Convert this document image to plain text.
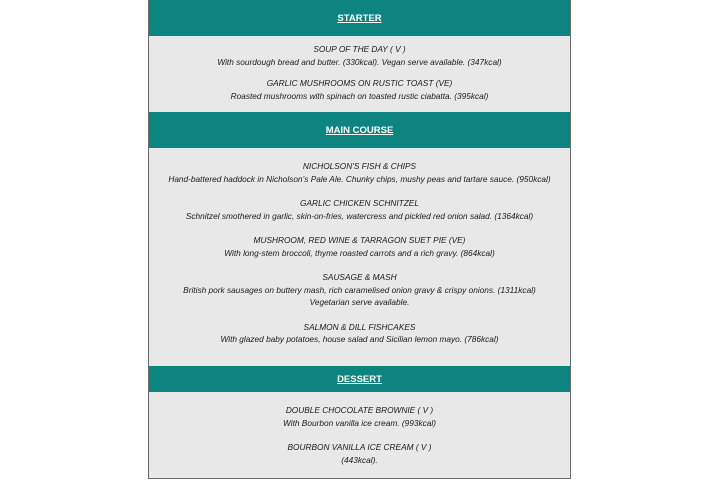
STARTER
SOUP OF THE DAY ( V )
With sourdough bread and butter. (330kcal). Vegan serve available. (347kcal)
GARLIC MUSHROOMS ON RUSTIC TOAST (VE)
Roasted mushrooms with spinach on toasted rustic ciabatta. (395kcal)
MAIN COURSE
NICHOLSON'S FISH & CHIPS
Hand-battered haddock in Nicholson’s Pale Ale. Chunky chips, mushy peas and tartare sauce. (950kcal)
GARLIC CHICKEN SCHNITZEL
Schnitzel smothered in garlic, skin-on-fries, watercress and pickled red onion salad. (1364kcal)
MUSHROOM, RED WINE & TARRAGON SUET PIE (VE)
With long-stem broccoli, thyme roasted carrots and a rich gravy. (864kcal)
SAUSAGE & MASH
British pork sausages on buttery mash, rich caramelised onion gravy & crispy onions. (1311kcal)
Vegetarian serve available.
SALMON & DILL FISHCAKES
With glazed baby potatoes, house salad and Sicilian lemon mayo. (786kcal)
DESSERT
DOUBLE CHOCOLATE BROWNIE ( V )
With Bourbon vanilla ice cream. (993kcal)
BOURBON VANILLA ICE CREAM ( V )
(443kcal).
